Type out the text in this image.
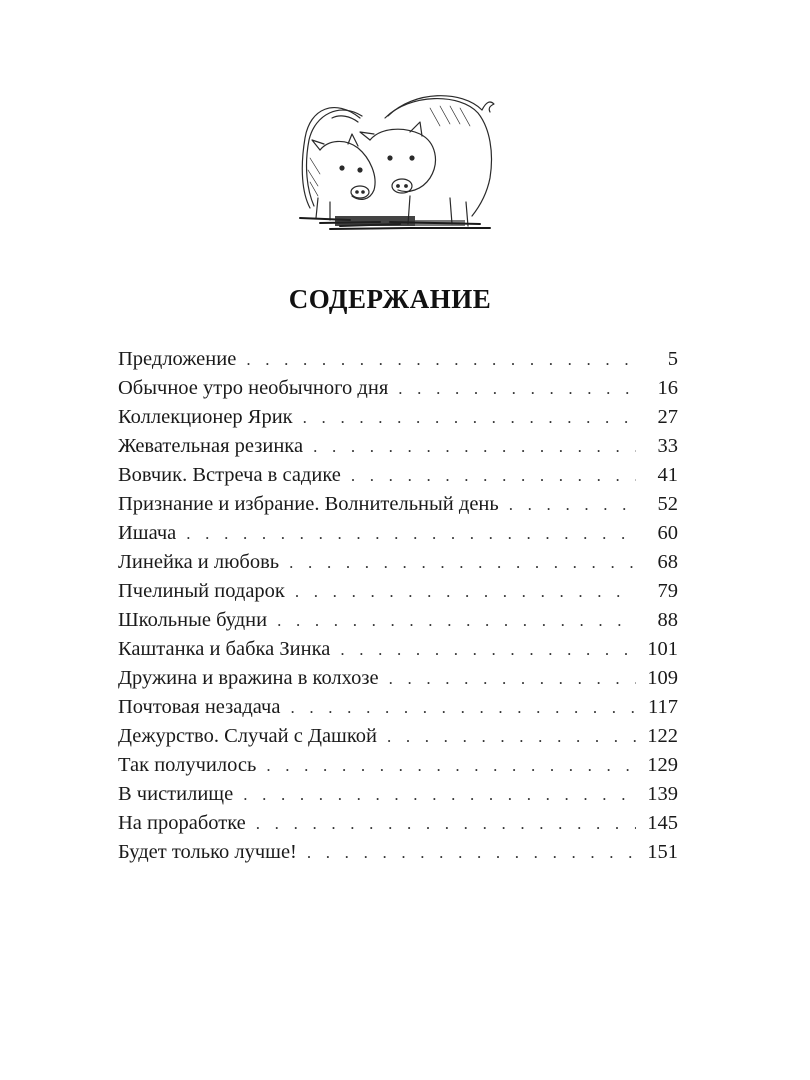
СОДЕРЖАНИЕ
Предложение . . .	5
Обычное утро необычного дня . . .	16
Коллекционер Ярик . . .	27
Жевательная резинка . . .	33
Вовчик. Встреча в садике . . .	41
Признание и избрание. Волнительный день . . .	52
Ишача . . .	60
Линейка и любовь . . .	68
Пчелиный подарок . . .	79
Школьные будни . . .	88
Каштанка и бабка Зинка . . .	101
Дружина и вражина в колхозе . . .	109
Почтовая незадача . . .	117
Дежурство. Случай с Дашкой . . .	122
Так получилось . . .	129
В чистилище . . .	139
На проработке . . .	145
Будет только лучше! . . .	151
